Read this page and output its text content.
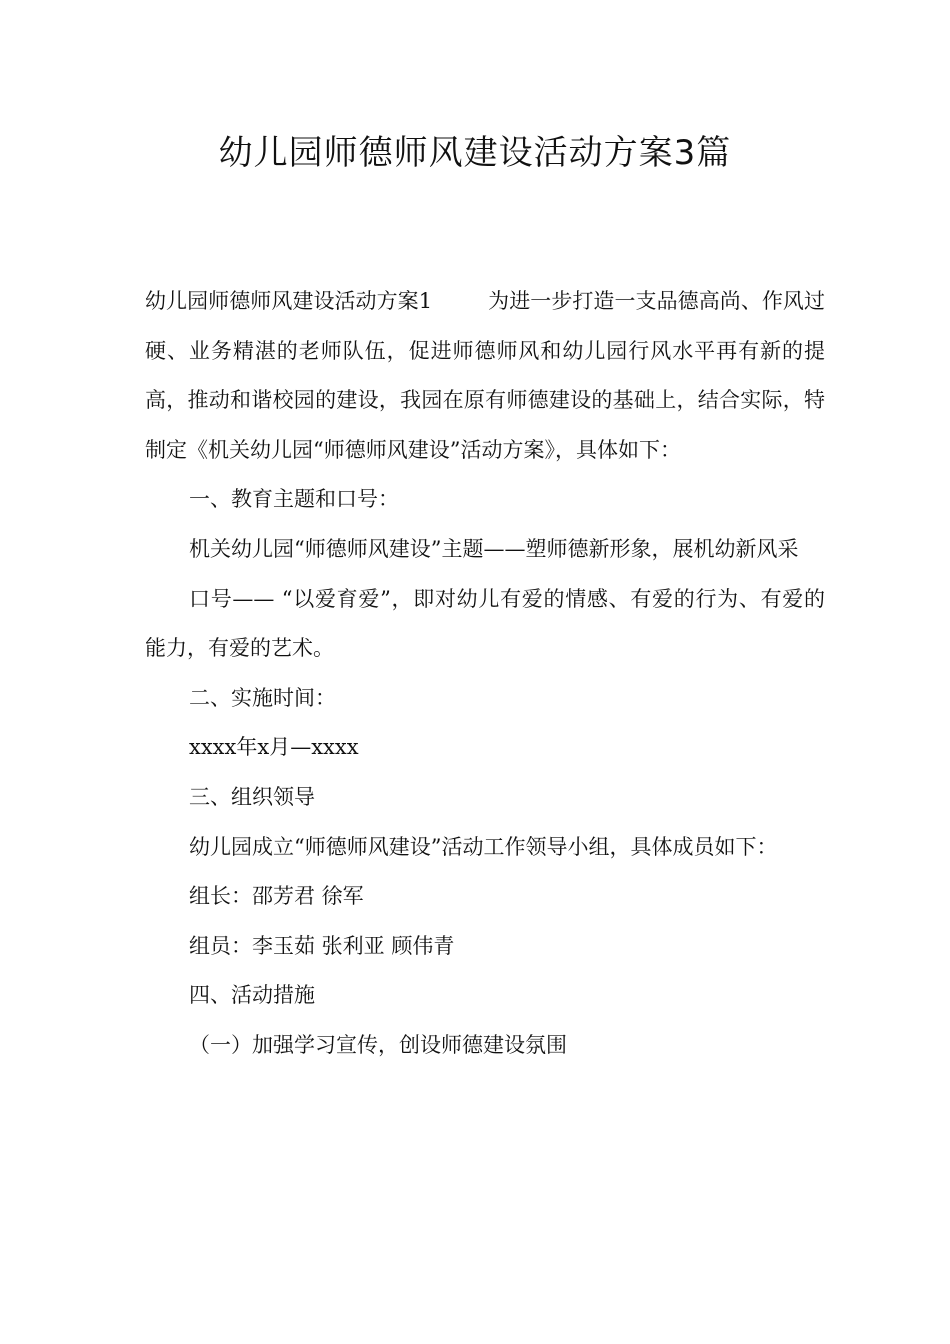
幼儿园师德师风建设活动方案3篇

幼儿园师德师风建设活动方案1	为进一步打造一支品德高尚、作风过硬、业务精湛的老师队伍，促进师德师风和幼儿园行风水平再有新的提高，推动和谐校园的建设，我园在原有师德建设的基础上，结合实际，特制定《机关幼儿园“师德师风建设”活动方案》，具体如下：

一、教育主题和口号：

机关幼儿园“师德师风建设”主题——塑师德新形象，展机幼新风采

口号—— “以爱育爱”，即对幼儿有爱的情感、有爱的行为、有爱的能力，有爱的艺术。

二、实施时间：

xxxx年x月—xxxx

三、组织领导

幼儿园成立“师德师风建设”活动工作领导小组，具体成员如下：

组长：邵芳君 徐军

组员：李玉茹 张利亚 顾伟青

四、活动措施

（一）加强学习宣传，创设师德建设氛围
